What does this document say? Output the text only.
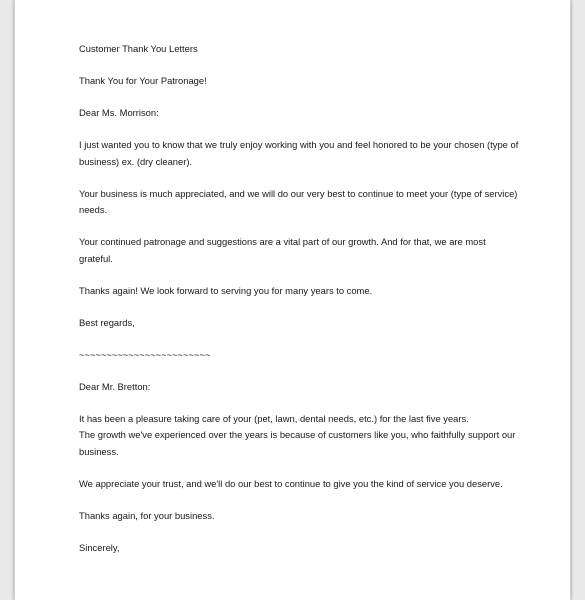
Customer Thank You Letters

Thank You for Your Patronage!

Dear Ms. Morrison:

I just wanted you to know that we truly enjoy working with you and feel honored to be your chosen (type of business) ex. (dry cleaner).

Your business is much appreciated, and we will do our very best to continue to meet your (type of service) needs.

Your continued patronage and suggestions are a vital part of our growth. And for that, we are most grateful.

Thanks again! We look forward to serving you for many years to come.

Best regards,

~~~~~~~~~~~~~~~~~~~~~~~~

Dear Mr. Bretton:

It has been a pleasure taking care of your (pet, lawn, dental needs, etc.) for the last five years.

The growth we've experienced over the years is because of customers like you, who faithfully support our business.

We appreciate your trust, and we'll do our best to continue to give you the kind of service you deserve.

Thanks again, for your business.

Sincerely,
